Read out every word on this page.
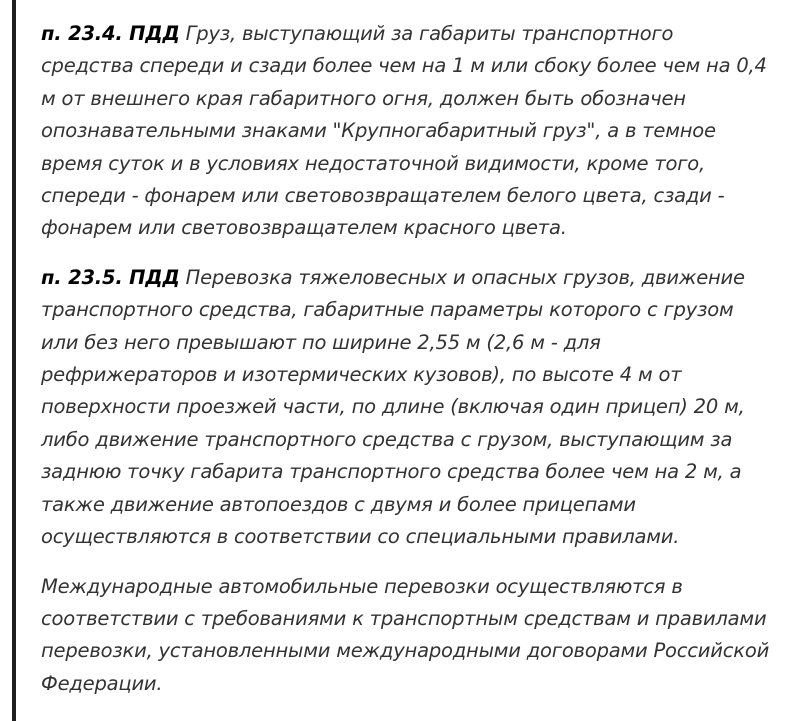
п. 23.4. ПДД Груз, выступающий за габариты транспортного средства спереди и сзади более чем на 1 м или сбоку более чем на 0,4 м от внешнего края габаритного огня, должен быть обозначен опознавательными знаками "Крупногабаритный груз", а в темное время суток и в условиях недостаточной видимости, кроме того, спереди - фонарем или световозвращателем белого цвета, сзади - фонарем или световозвращателем красного цвета.

п. 23.5. ПДД Перевозка тяжеловесных и опасных грузов, движение транспортного средства, габаритные параметры которого с грузом или без него превышают по ширине 2,55 м (2,6 м - для рефрижераторов и изотермических кузовов), по высоте 4 м от поверхности проезжей части, по длине (включая один прицеп) 20 м, либо движение транспортного средства с грузом, выступающим за заднюю точку габарита транспортного средства более чем на 2 м, а также движение автопоездов с двумя и более прицепами осуществляются в соответствии со специальными правилами.

Международные автомобильные перевозки осуществляются в соответствии с требованиями к транспортным средствам и правилами перевозки, установленными международными договорами Российской Федерации.
